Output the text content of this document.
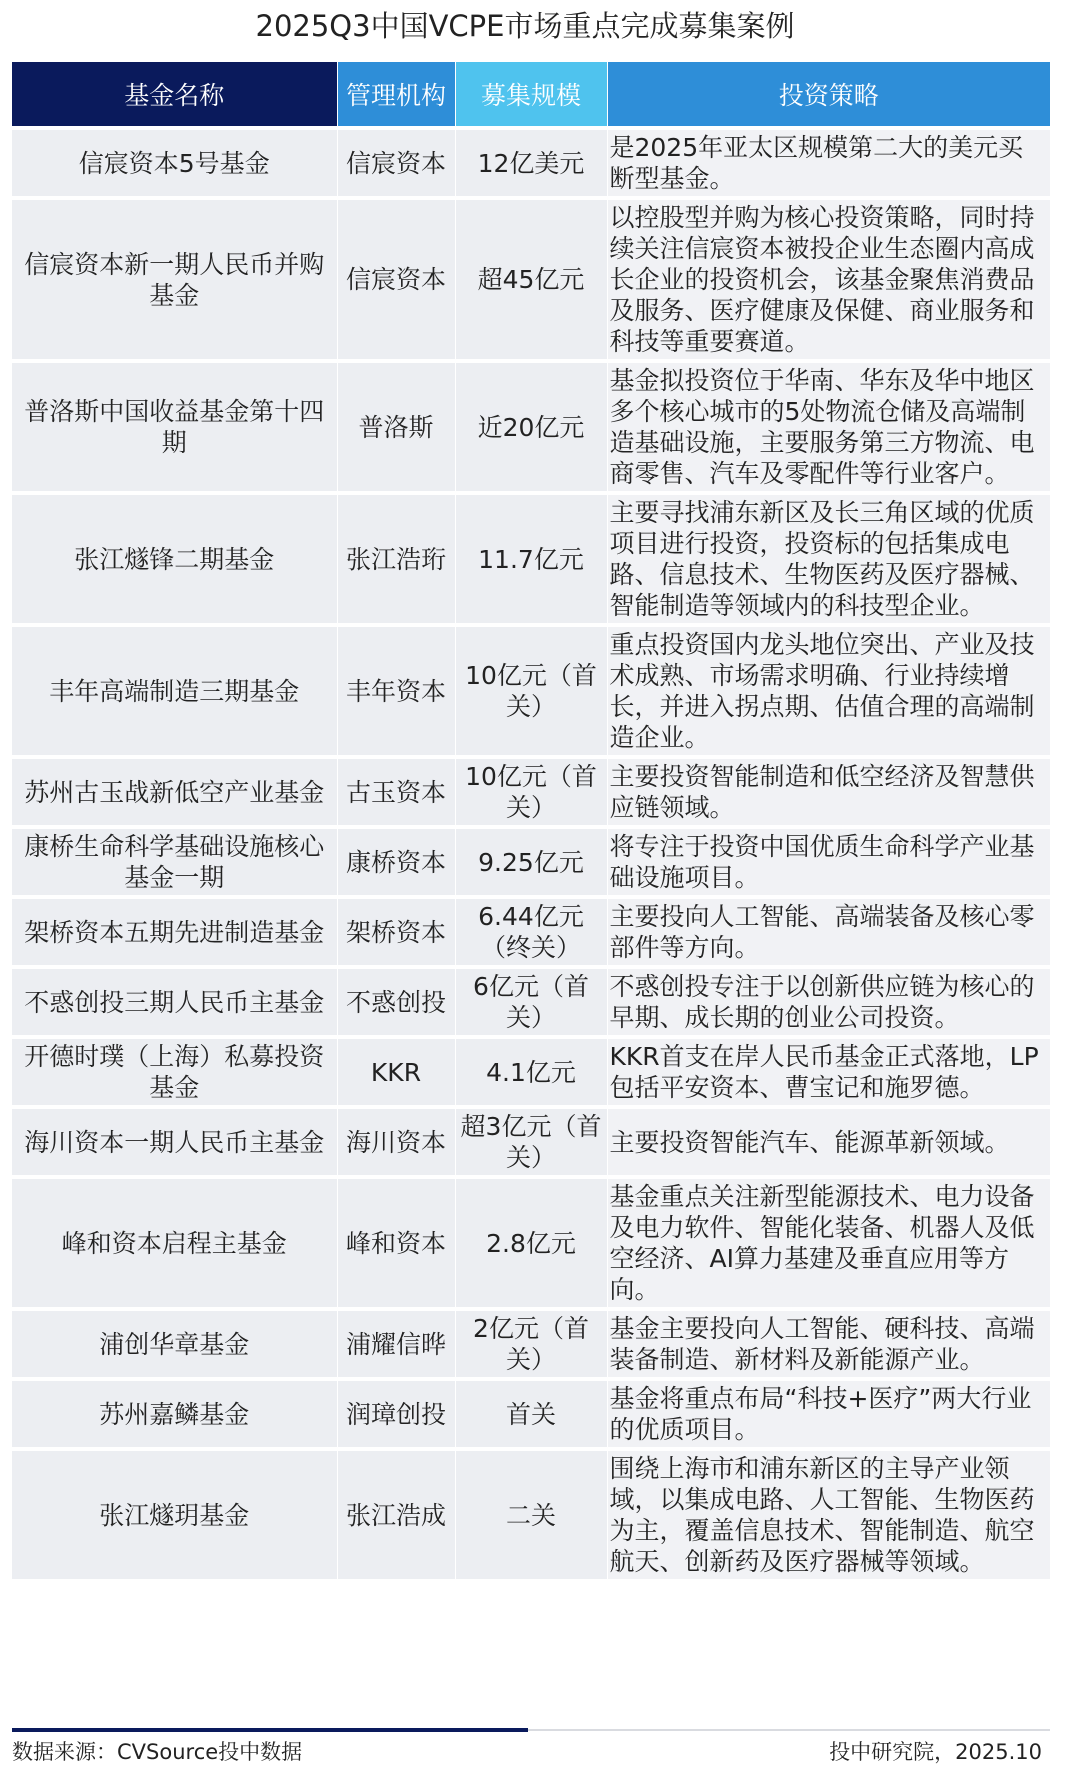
2025Q3中国VCPE市场重点完成募集案例
基金名称	管理机构	募集规模	投资策略
信宸资本5号基金	信宸资本	12亿美元	是2025年亚太区规模第二大的美元买断型基金。
信宸资本新一期人民币并购基金	信宸资本	超45亿元	以控股型并购为核心投资策略，同时持续关注信宸资本被投企业生态圈内高成长企业的投资机会，该基金聚焦消费品及服务、医疗健康及保健、商业服务和科技等重要赛道。
普洛斯中国收益基金第十四期	普洛斯	近20亿元	基金拟投资位于华南、华东及华中地区多个核心城市的5处物流仓储及高端制造基础设施，主要服务第三方物流、电商零售、汽车及零配件等行业客户。
张江燧锋二期基金	张江浩珩	11.7亿元	主要寻找浦东新区及长三角区域的优质项目进行投资，投资标的包括集成电路、信息技术、生物医药及医疗器械、智能制造等领域内的科技型企业。
丰年高端制造三期基金	丰年资本	10亿元（首关）	重点投资国内龙头地位突出、产业及技术成熟、市场需求明确、行业持续增长，并进入拐点期、估值合理的高端制造企业。
苏州古玉战新低空产业基金	古玉资本	10亿元（首关）	主要投资智能制造和低空经济及智慧供应链领域。
康桥生命科学基础设施核心基金一期	康桥资本	9.25亿元	将专注于投资中国优质生命科学产业基础设施项目。
架桥资本五期先进制造基金	架桥资本	6.44亿元（终关）	主要投向人工智能、高端装备及核心零部件等方向。
不惑创投三期人民币主基金	不惑创投	6亿元（首关）	不惑创投专注于以创新供应链为核心的早期、成长期的创业公司投资。
开德时璞（上海）私募投资基金	KKR	4.1亿元	KKR首支在岸人民币基金正式落地，LP包括平安资本、曹宝记和施罗德。
海川资本一期人民币主基金	海川资本	超3亿元（首关）	主要投资智能汽车、能源革新领域。
峰和资本启程主基金	峰和资本	2.8亿元	基金重点关注新型能源技术、电力设备及电力软件、智能化装备、机器人及低空经济、AI算力基建及垂直应用等方向。
浦创华章基金	浦耀信晔	2亿元（首关）	基金主要投向人工智能、硬科技、高端装备制造、新材料及新能源产业。
苏州嘉鳞基金	润璋创投	首关	基金将重点布局“科技+医疗”两大行业的优质项目。
张江燧玥基金	张江浩成	二关	围绕上海市和浦东新区的主导产业领域，以集成电路、人工智能、生物医药为主，覆盖信息技术、智能制造、航空航天、创新药及医疗器械等领域。
数据来源：CVSource投中数据	投中研究院，2025.10
